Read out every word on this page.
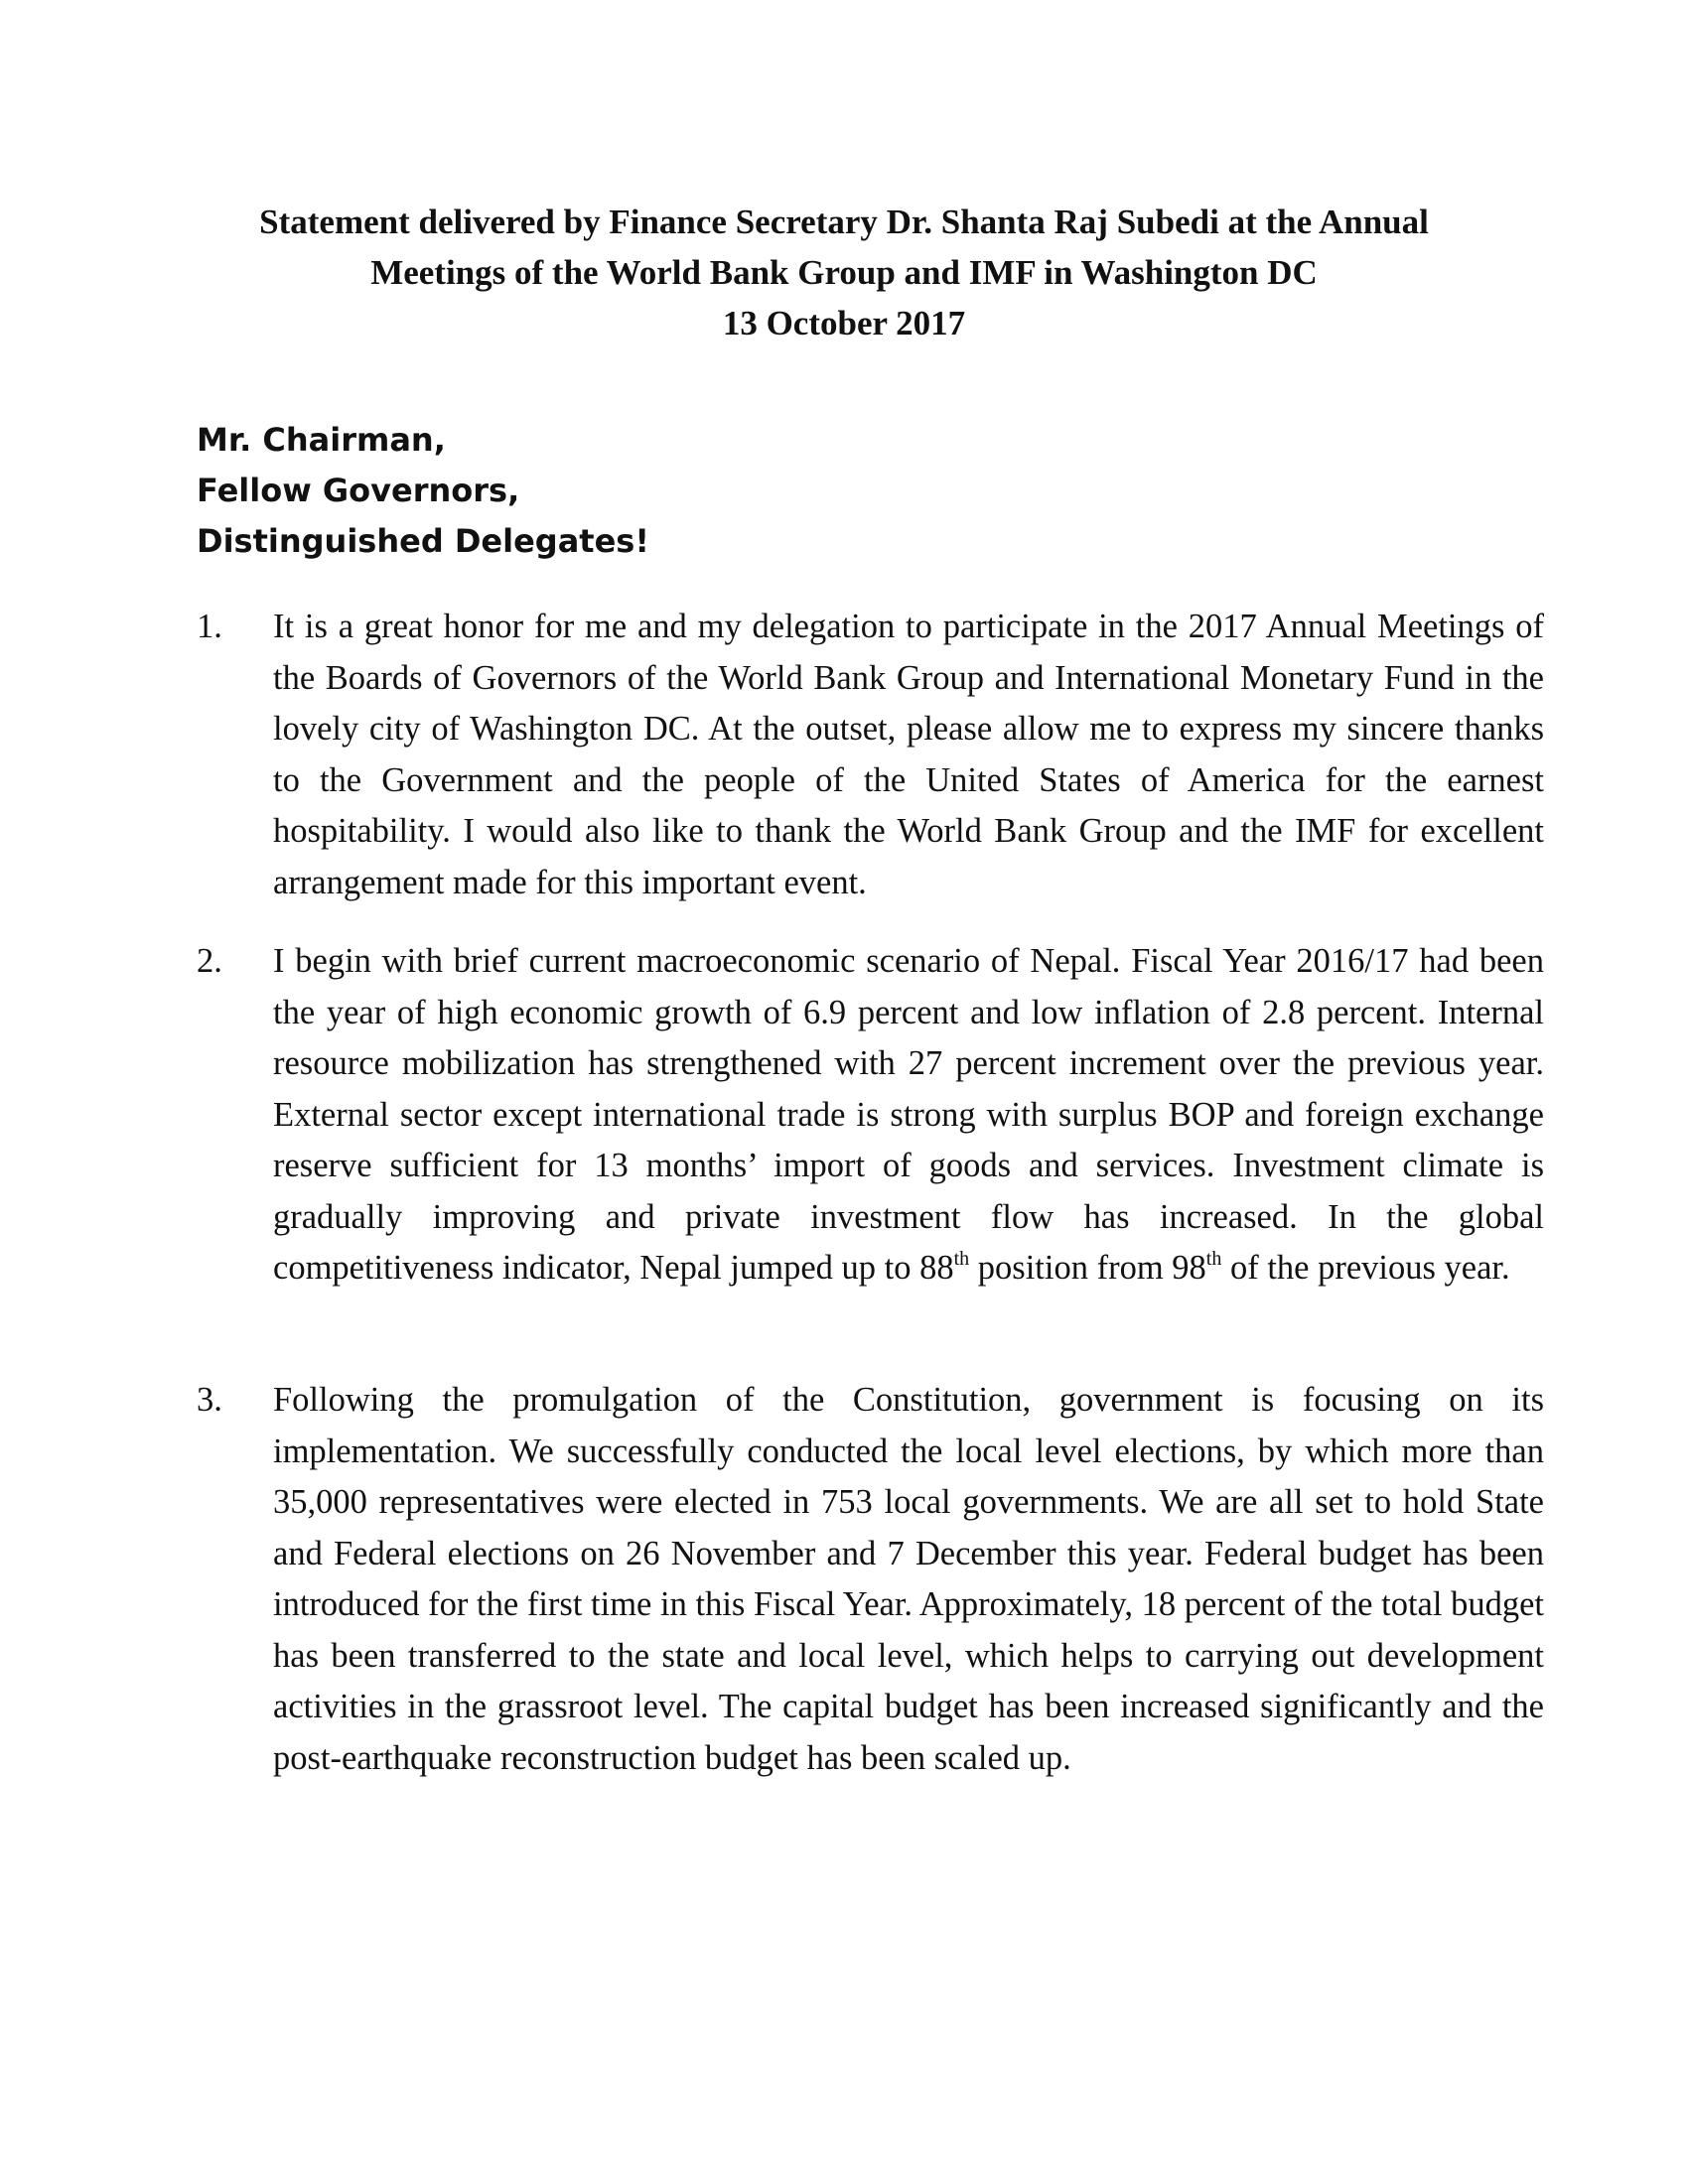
Statement delivered by Finance Secretary Dr. Shanta Raj Subedi at the Annual
Meetings of the World Bank Group and IMF in Washington DC
13 October 2017
Mr. Chairman,
Fellow Governors,
Distinguished Delegates!
1. It is a great honor for me and my delegation to participate in the 2017 Annual Meetings of the Boards of Governors of the World Bank Group and International Monetary Fund in the lovely city of Washington DC. At the outset, please allow me to express my sincere thanks to the Government and the people of the United States of America for the earnest hospitability. I would also like to thank the World Bank Group and the IMF for excellent arrangement made for this important event.
2. I begin with brief current macroeconomic scenario of Nepal. Fiscal Year 2016/17 had been the year of high economic growth of 6.9 percent and low inflation of 2.8 percent. Internal resource mobilization has strengthened with 27 percent increment over the previous year. External sector except international trade is strong with surplus BOP and foreign exchange reserve sufficient for 13 months’ import of goods and services. Investment climate is gradually improving and private investment flow has increased. In the global competitiveness indicator, Nepal jumped up to 88th position from 98th of the previous year.
3. Following the promulgation of the Constitution, government is focusing on its implementation. We successfully conducted the local level elections, by which more than 35,000 representatives were elected in 753 local governments. We are all set to hold State and Federal elections on 26 November and 7 December this year. Federal budget has been introduced for the first time in this Fiscal Year. Approximately, 18 percent of the total budget has been transferred to the state and local level, which helps to carrying out development activities in the grassroot level. The capital budget has been increased significantly and the post-earthquake reconstruction budget has been scaled up.
